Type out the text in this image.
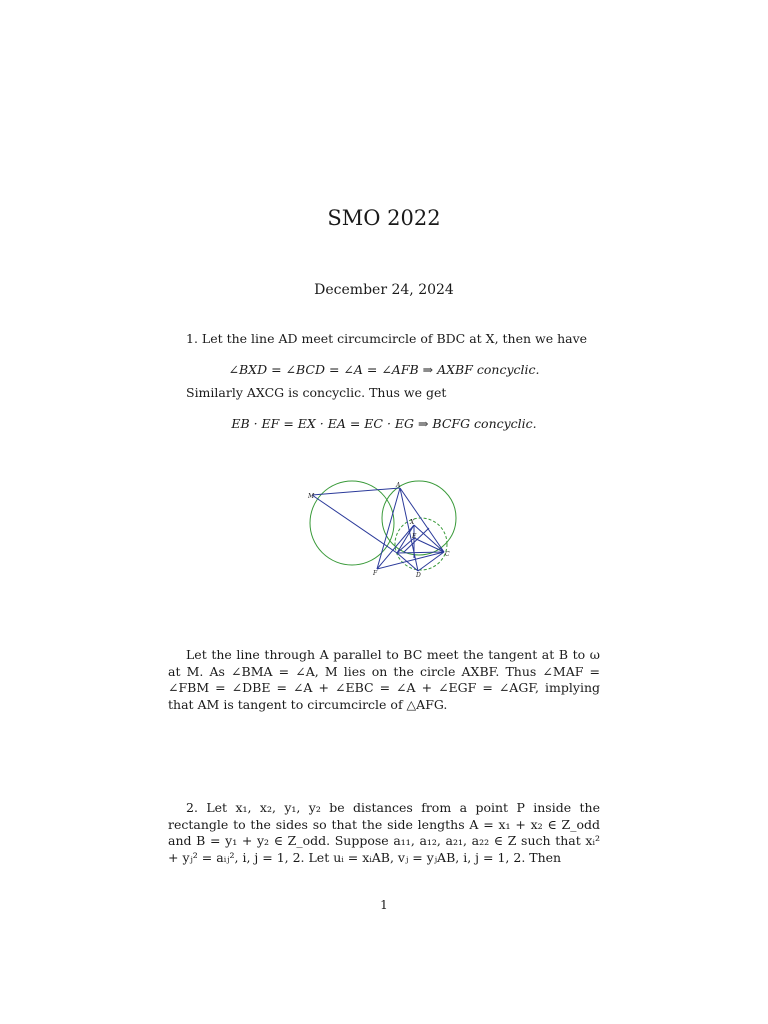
SMO 2022
December 24, 2024
1. Let the line AD meet circumcircle of BDC at X, then we have
∠BXD = ∠BCD = ∠A = ∠AFB ⇒ AXBF concyclic.
Similarly AXCG is concyclic. Thus we get
EB · EF = EX · EA = EC · EG ⇒ BCFG concyclic.
M
A
X
E
C
F	D
Let the line through A parallel to BC meet the tangent at B to ω at M. As ∠BMA = ∠A, M lies on the circle AXBF. Thus ∠MAF = ∠FBM = ∠DBE = ∠A + ∠EBC = ∠A + ∠EGF = ∠AGF, implying that AM is tangent to circumcircle of △AFG.
2. Let x₁, x₂, y₁, y₂ be distances from a point P inside the rectangle to the sides so that the side lengths A = x₁ + x₂ ∈ Z_odd and B = y₁ + y₂ ∈ Z_odd. Suppose a₁₁, a₁₂, a₂₁, a₂₂ ∈ Z such that xᵢ² + yⱼ² = aᵢⱼ², i, j = 1, 2. Let uᵢ = xᵢAB, vⱼ = yⱼAB, i, j = 1, 2. Then
1
